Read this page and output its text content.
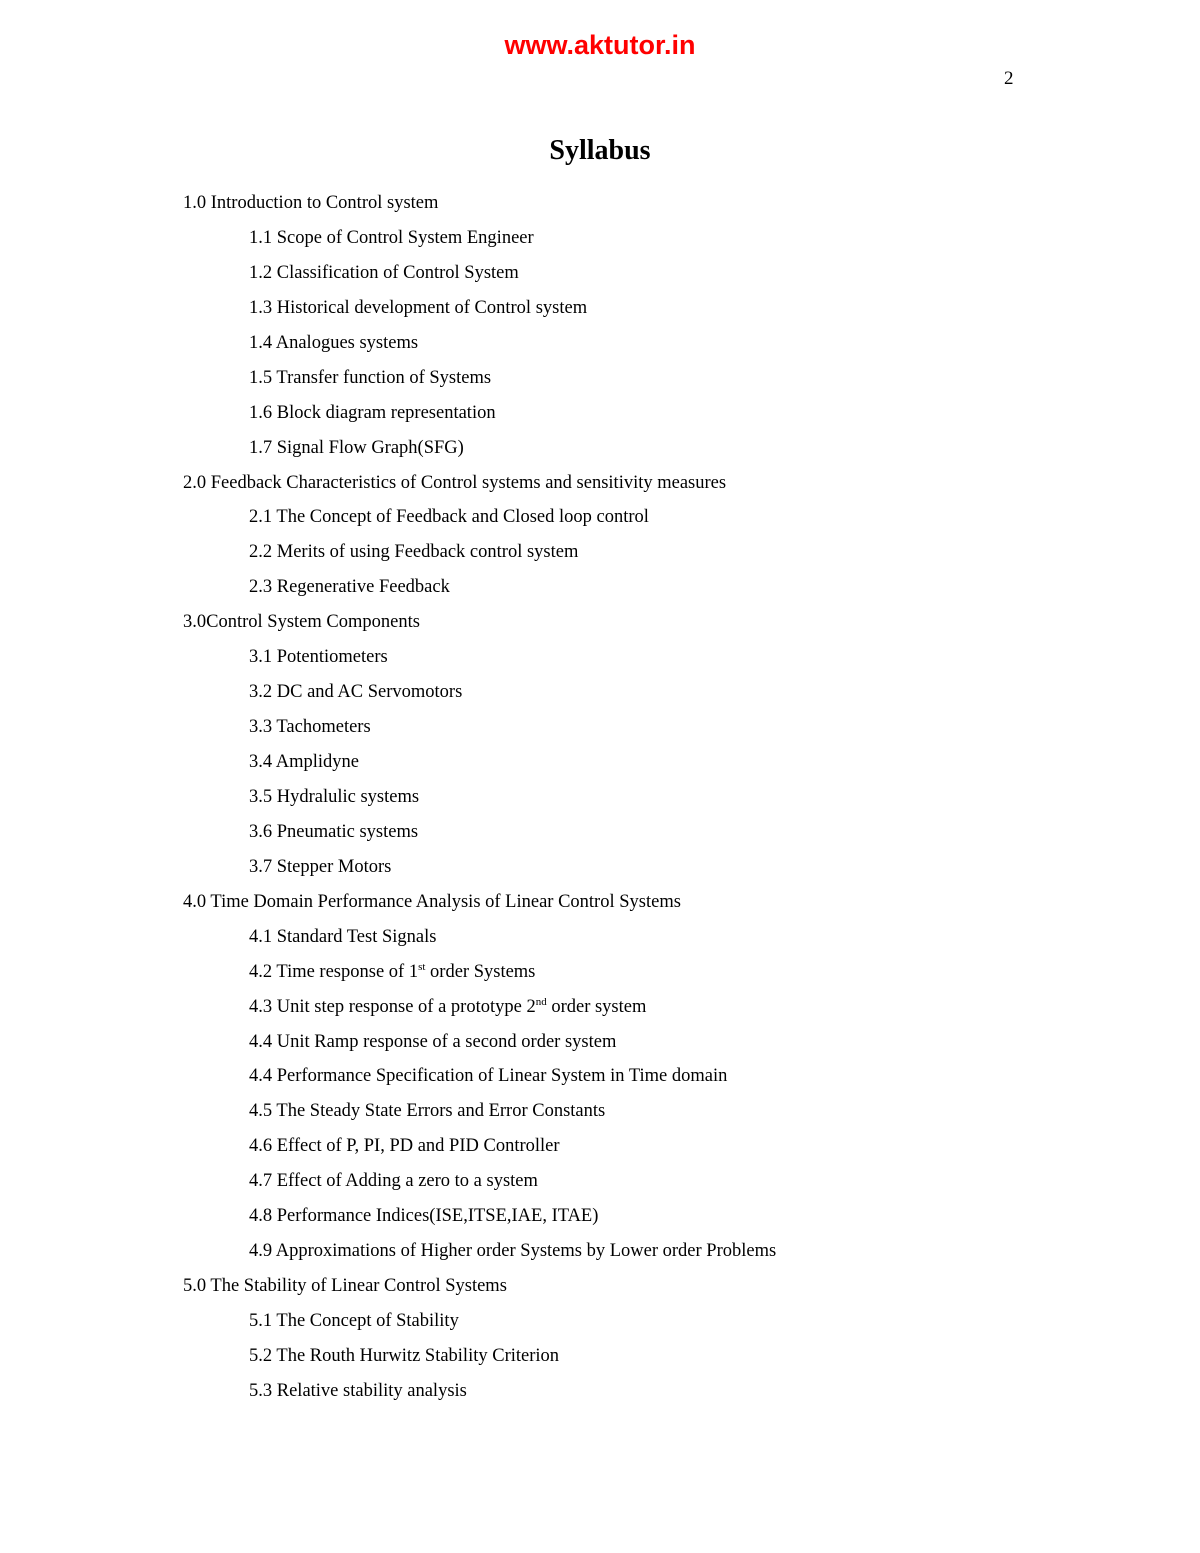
www.aktutor.in
2
Syllabus
1.0 Introduction to Control system
1.1 Scope of Control System Engineer
1.2 Classification of Control System
1.3 Historical development of Control system
1.4 Analogues systems
1.5 Transfer function of Systems
1.6 Block diagram representation
1.7 Signal Flow Graph(SFG)
2.0 Feedback Characteristics of Control systems and sensitivity measures
2.1 The Concept of Feedback and Closed loop control
2.2 Merits of using Feedback control system
2.3 Regenerative Feedback
3.0Control System Components
3.1 Potentiometers
3.2 DC and AC Servomotors
3.3 Tachometers
3.4 Amplidyne
3.5 Hydralulic systems
3.6 Pneumatic systems
3.7 Stepper Motors
4.0 Time Domain Performance Analysis of Linear Control Systems
4.1 Standard Test Signals
4.2 Time response of 1st order Systems
4.3 Unit step response of a prototype 2nd order system
4.4 Unit Ramp response of a second order system
4.4 Performance Specification of Linear System in Time domain
4.5 The Steady State Errors and Error Constants
4.6 Effect of P, PI, PD and PID Controller
4.7 Effect of Adding a zero to a system
4.8 Performance Indices(ISE,ITSE,IAE, ITAE)
4.9 Approximations of Higher order Systems by Lower order Problems
5.0 The Stability of Linear Control Systems
5.1 The Concept of Stability
5.2 The Routh Hurwitz Stability Criterion
5.3 Relative stability analysis
